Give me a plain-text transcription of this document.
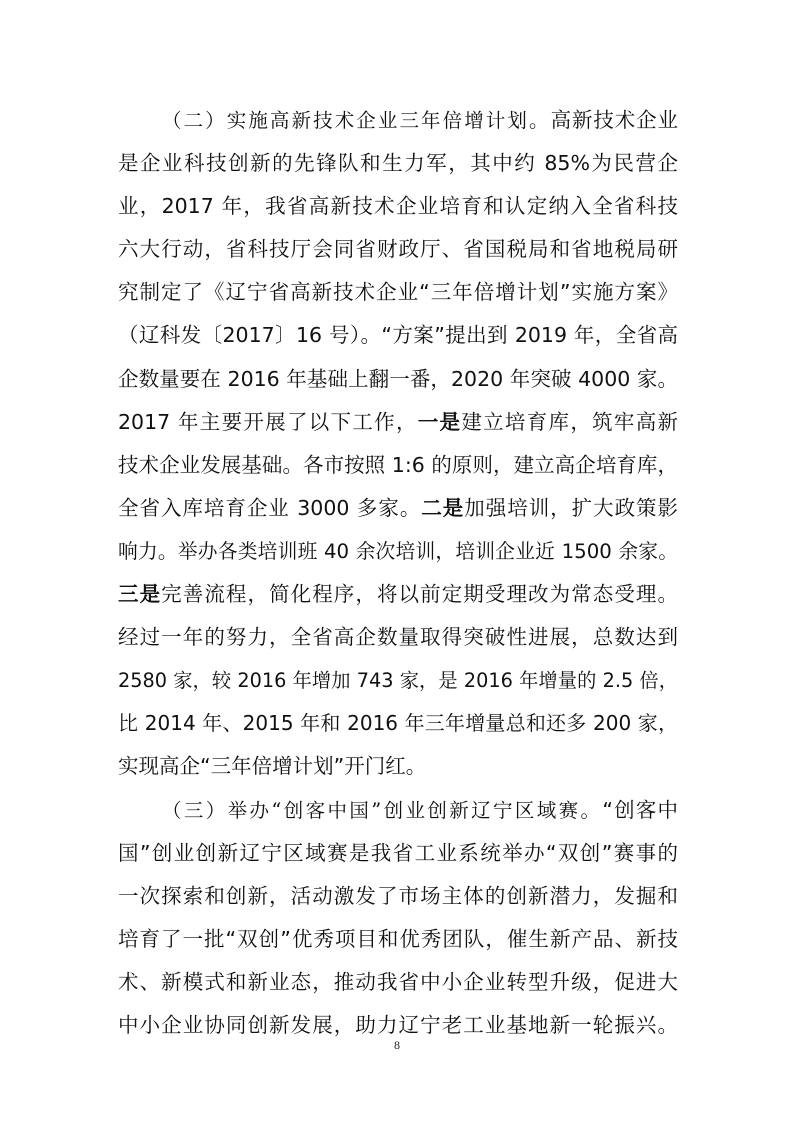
（二）实施高新技术企业三年倍增计划。高新技术企业
是企业科技创新的先锋队和生力军，其中约 85%为民营企
业，2017 年，我省高新技术企业培育和认定纳入全省科技
六大行动，省科技厅会同省财政厅、省国税局和省地税局研
究制定了《辽宁省高新技术企业“三年倍增计划”实施方案》
（辽科发〔2017〕16 号）。“方案”提出到 2019 年，全省高
企数量要在 2016 年基础上翻一番，2020 年突破 4000 家。
2017 年主要开展了以下工作，一是建立培育库，筑牢高新
技术企业发展基础。各市按照 1:6 的原则，建立高企培育库，
全省入库培育企业 3000 多家。二是加强培训，扩大政策影
响力。举办各类培训班 40 余次培训，培训企业近 1500 余家。
三是完善流程，简化程序，将以前定期受理改为常态受理。
经过一年的努力，全省高企数量取得突破性进展，总数达到
2580 家，较 2016 年增加 743 家，是 2016 年增量的 2.5 倍，
比 2014 年、2015 年和 2016 年三年增量总和还多 200 家，
实现高企“三年倍增计划”开门红。
（三）举办“创客中国”创业创新辽宁区域赛。“创客中
国”创业创新辽宁区域赛是我省工业系统举办“双创”赛事的
一次探索和创新，活动激发了市场主体的创新潜力，发掘和
培育了一批“双创”优秀项目和优秀团队，催生新产品、新技
术、新模式和新业态，推动我省中小企业转型升级，促进大
中小企业协同创新发展，助力辽宁老工业基地新一轮振兴。
8
